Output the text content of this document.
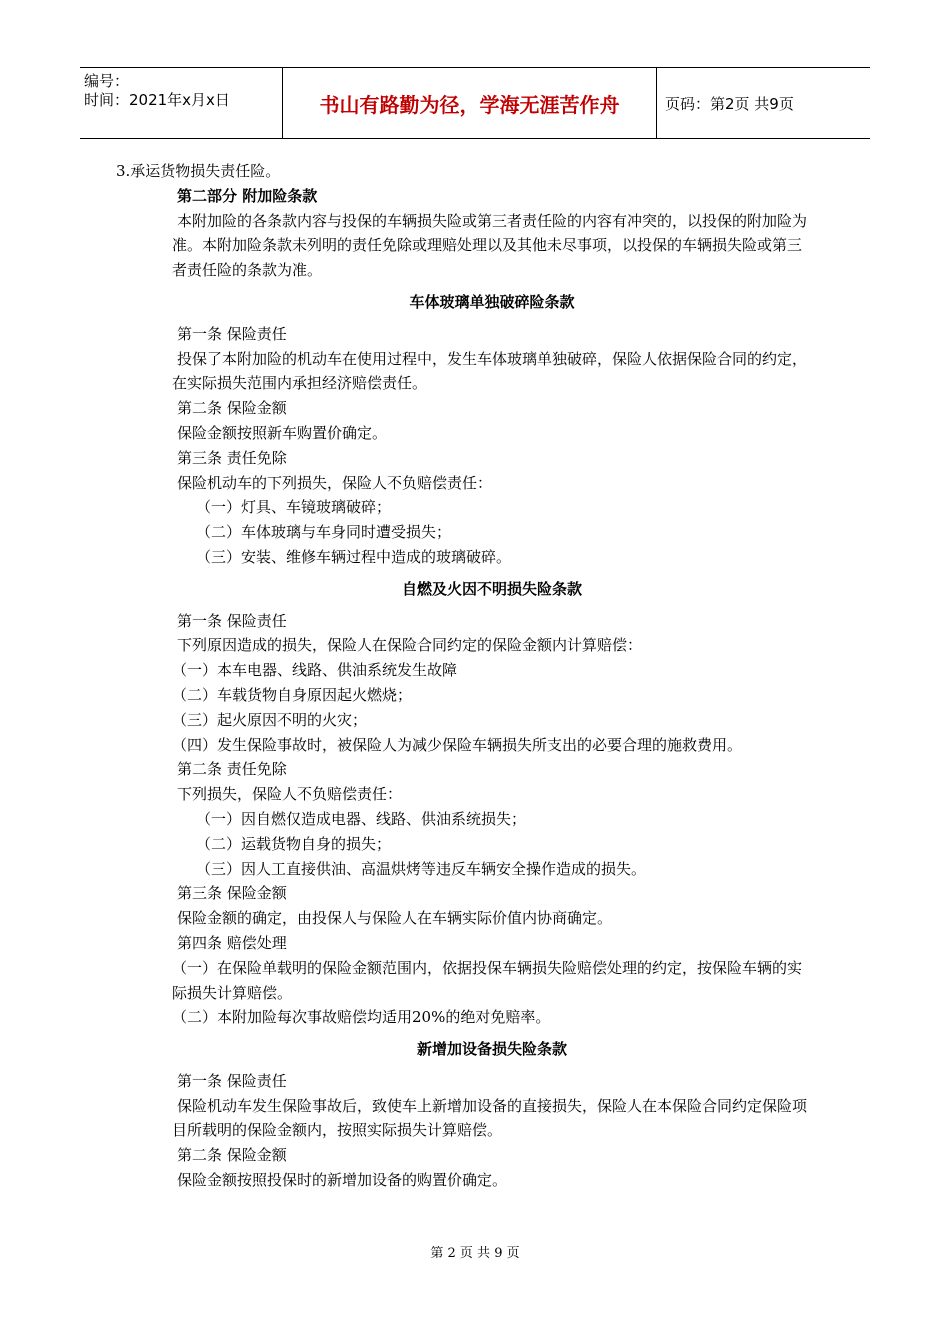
编号：
时间：2021年x月x日	书山有路勤为径，学海无涯苦作舟	页码：第2页 共9页

3.承运货物损失责任险。

第二部分 附加险条款

本附加险的各条款内容与投保的车辆损失险或第三者责任险的内容有冲突的，以投保的附加险为准。本附加险条款未列明的责任免除或理赔处理以及其他未尽事项，以投保的车辆损失险或第三者责任险的条款为准。

车体玻璃单独破碎险条款

第一条 保险责任

投保了本附加险的机动车在使用过程中，发生车体玻璃单独破碎，保险人依据保险合同的约定，在实际损失范围内承担经济赔偿责任。

第二条 保险金额

保险金额按照新车购置价确定。

第三条 责任免除

保险机动车的下列损失，保险人不负赔偿责任：

（一）灯具、车镜玻璃破碎；

（二）车体玻璃与车身同时遭受损失；

（三）安装、维修车辆过程中造成的玻璃破碎。

自燃及火因不明损失险条款

第一条 保险责任

下列原因造成的损失，保险人在保险合同约定的保险金额内计算赔偿：

（一）本车电器、线路、供油系统发生故障

（二）车载货物自身原因起火燃烧；

（三）起火原因不明的火灾；

（四）发生保险事故时，被保险人为减少保险车辆损失所支出的必要合理的施救费用。

第二条 责任免除

下列损失，保险人不负赔偿责任：

（一）因自燃仅造成电器、线路、供油系统损失；

（二）运载货物自身的损失；

（三）因人工直接供油、高温烘烤等违反车辆安全操作造成的损失。

第三条 保险金额

保险金额的确定，由投保人与保险人在车辆实际价值内协商确定。

第四条 赔偿处理

（一）在保险单载明的保险金额范围内，依据投保车辆损失险赔偿处理的约定，按保险车辆的实际损失计算赔偿。

（二）本附加险每次事故赔偿均适用20%的绝对免赔率。

新增加设备损失险条款

第一条 保险责任

保险机动车发生保险事故后，致使车上新增加设备的直接损失，保险人在本保险合同约定保险项目所载明的保险金额内，按照实际损失计算赔偿。

第二条 保险金额

保险金额按照投保时的新增加设备的购置价确定。

第 2 页 共 9 页
